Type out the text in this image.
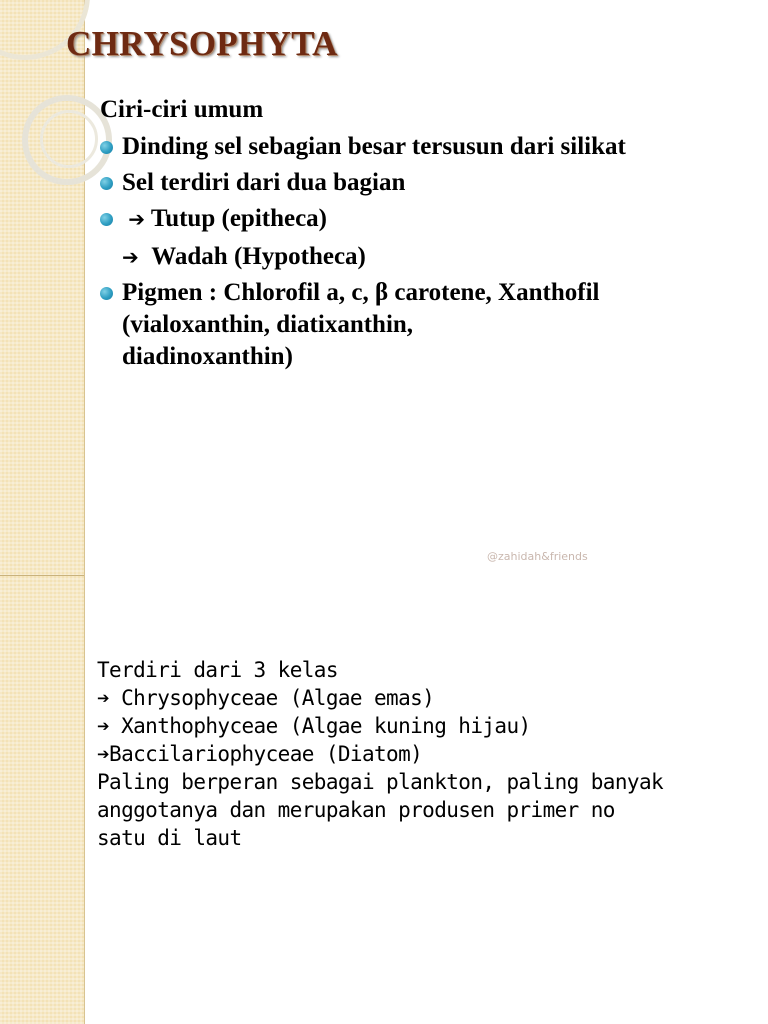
CHRYSOPHYTA

Ciri-ciri umum

Dinding sel sebagian besar tersusun dari silikat
Sel terdiri dari dua bagian
➔ Tutup (epitheca)
➔ Wadah (Hypotheca)
Pigmen : Chlorofil a, c, β carotene, Xanthofil
(vialoxanthin, diatixanthin,
diadinoxanthin)
@zahidah&friends
Terdiri dari 3 kelas
➔ Chrysophyceae (Algae emas)
➔ Xanthophyceae (Algae kuning hijau)
➔Baccilariophyceae (Diatom)
Paling berperan sebagai plankton, paling banyak
anggotanya dan merupakan produsen primer no
satu di laut
